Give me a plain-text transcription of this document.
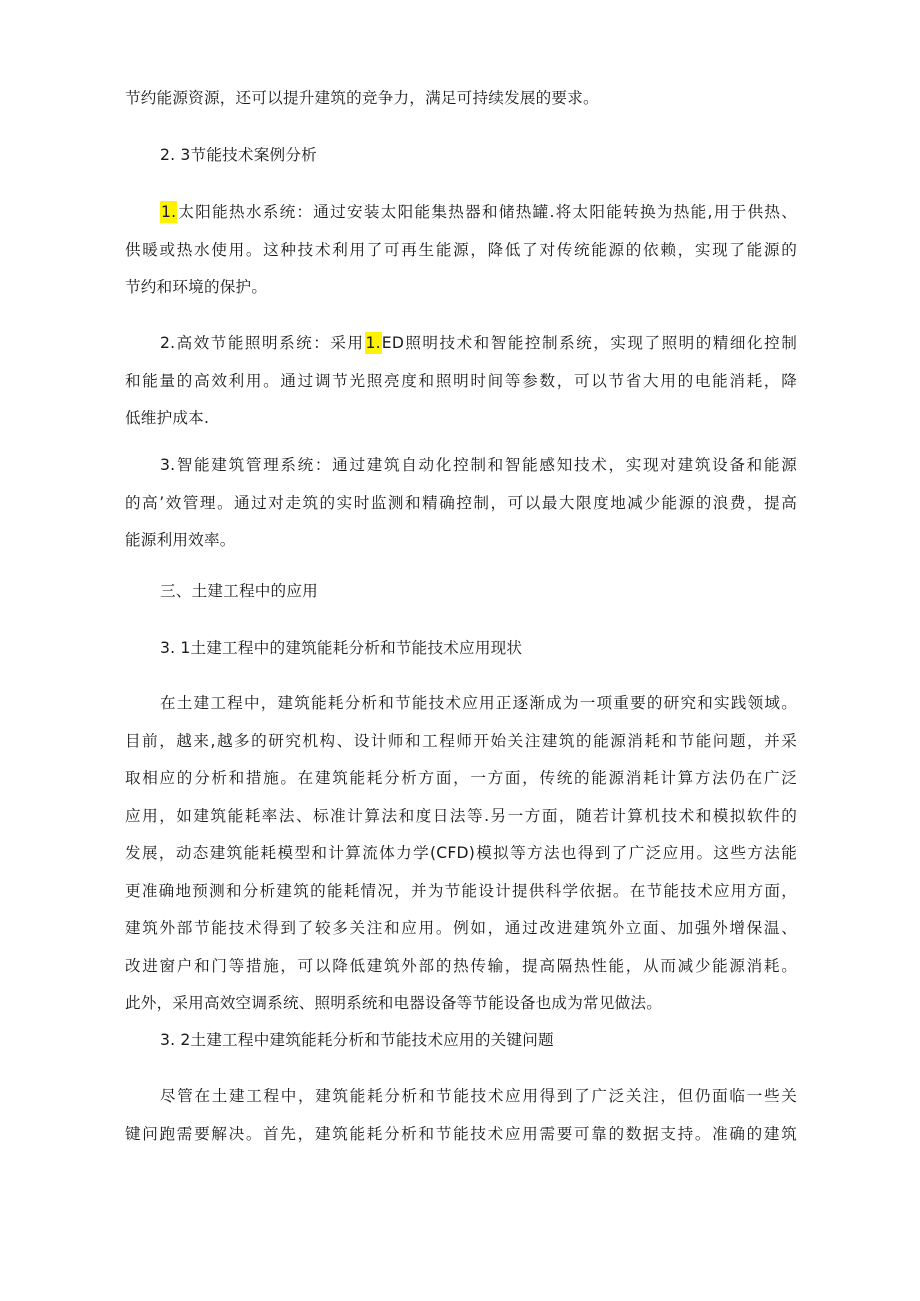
节约能源资源，还可以提升建筑的竞争力，满足可持续发展的要求。
2. 3节能技术案例分析
1.太阳能热水系统：通过安装太阳能集热器和储热罐.将太阳能转换为热能,用于供热、
供暖或热水使用。这种技术利用了可再生能源，降低了对传统能源的依赖，实现了能源的
节约和环境的保护。
2.高效节能照明系统：采用1.ED照明技术和智能控制系统，实现了照明的精细化控制
和能量的高效利用。通过调节光照亮度和照明时间等参数，可以节省大用的电能消耗，降
低维护成本.
3.智能建筑管理系统：通过建筑自动化控制和智能感知技术，实现对建筑设备和能源
的高’效管理。通过对走筑的实时监测和精确控制，可以最大限度地减少能源的浪费，提高
能源利用效率。
三、土建工程中的应用
3. 1土建工程中的建筑能耗分析和节能技术应用现状
在土建工程中，建筑能耗分析和节能技术应用正逐渐成为一项重要的研究和实践领域。
目前，越来,越多的研究机构、设计师和工程师开始关注建筑的能源消耗和节能问题，并采
取相应的分析和措施。在建筑能耗分析方面，一方面，传统的能源消耗计算方法仍在广泛
应用，如建筑能耗率法、标准计算法和度日法等.另一方面，随若计算机技术和模拟软件的
发展，动态建筑能耗模型和计算流体力学(CFD)模拟等方法也得到了广泛应用。这些方法能
更准确地预测和分析建筑的能耗情况，并为节能设计提供科学依据。在节能技术应用方面，
建筑外部节能技术得到了较多关注和应用。例如，通过改进建筑外立面、加强外增保温、
改进窗户和门等措施，可以降低建筑外部的热传输，提高隔热性能，从而减少能源消耗。
此外，采用高效空调系统、照明系统和电器设备等节能设备也成为常见做法。
3. 2土建工程中建筑能耗分析和节能技术应用的关键问题
尽管在土建工程中，建筑能耗分析和节能技术应用得到了广泛关注，但仍面临一些关
键问跑需要解决。首先，建筑能耗分析和节能技术应用需要可靠的数据支持。准确的建筑
